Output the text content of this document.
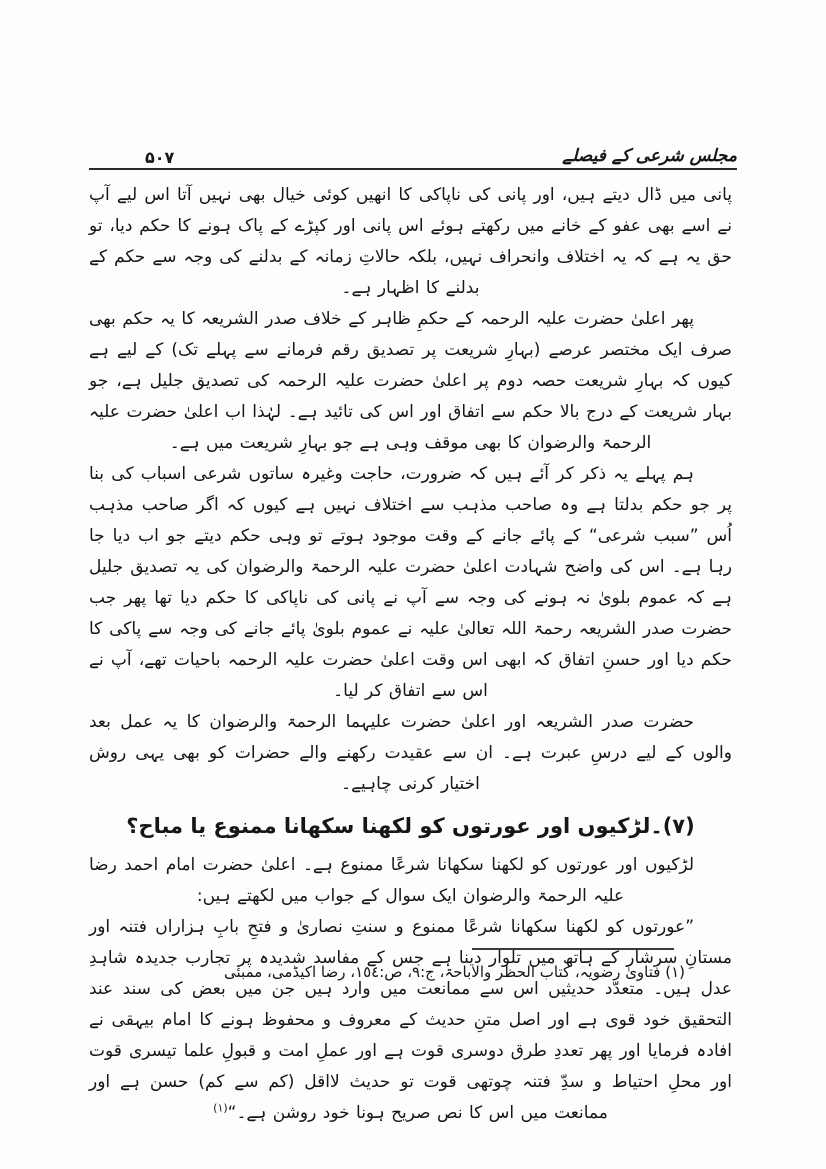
مجلس شرعی کے فیصلے
۵۰۷

پانی میں ڈال دیتے ہیں، اور پانی کی ناپاکی کا انھیں کوئی خیال بھی نہیں آتا اس لیے آپ نے اسے بھی عفو کے خانے میں رکھتے ہوئے اس پانی اور کپڑے کے پاک ہونے کا حکم دیا، تو حق یہ ہے کہ یہ اختلاف وانحراف نہیں، بلکہ حالاتِ زمانہ کے بدلنے کی وجہ سے حکم کے بدلنے کا اظہار ہے۔

پھر اعلیٰ حضرت علیہ الرحمہ کے حکمِ ظاہر کے خلاف صدر الشریعہ کا یہ حکم بھی صرف ایک مختصر عرصے (بہارِ شریعت پر تصدیق رقم فرمانے سے پہلے تک) کے لیے ہے کیوں کہ بہارِ شریعت حصہ دوم پر اعلیٰ حضرت علیہ الرحمہ کی تصدیق جلیل ہے، جو بہار شریعت کے درج بالا حکم سے اتفاق اور اس کی تائید ہے۔ لہٰذا اب اعلیٰ حضرت علیہ الرحمۃ والرضوان کا بھی موقف وہی ہے جو بہارِ شریعت میں ہے۔

ہم پہلے یہ ذکر کر آئے ہیں کہ ضرورت، حاجت وغیرہ ساتوں شرعی اسباب کی بنا پر جو حکم بدلتا ہے وہ صاحب مذہب سے اختلاف نہیں ہے کیوں کہ اگر صاحب مذہب اُس ”سبب شرعی“ کے پائے جانے کے وقت موجود ہوتے تو وہی حکم دیتے جو اب دیا جا رہا ہے۔ اس کی واضح شہادت اعلیٰ حضرت علیہ الرحمۃ والرضوان کی یہ تصدیق جلیل ہے کہ عموم بلویٰ نہ ہونے کی وجہ سے آپ نے پانی کی ناپاکی کا حکم دیا تھا پھر جب حضرت صدر الشریعہ رحمۃ اللہ تعالیٰ علیہ نے عموم بلویٰ پائے جانے کی وجہ سے پاکی کا حکم دیا اور حسنِ اتفاق کہ ابھی اس وقت اعلیٰ حضرت علیہ الرحمہ باحیات تھے، آپ نے اس سے اتفاق کر لیا۔

حضرت صدر الشریعہ اور اعلیٰ حضرت علیہما الرحمۃ والرضوان کا یہ عمل بعد والوں کے لیے درسِ عبرت ہے۔ ان سے عقیدت رکھنے والے حضرات کو بھی یہی روش اختیار کرنی چاہیے۔

(۷)۔لڑکیوں اور عورتوں کو لکھنا سکھانا ممنوع یا مباح؟

لڑکیوں اور عورتوں کو لکھنا سکھانا شرعًا ممنوع ہے۔ اعلیٰ حضرت امام احمد رضا علیہ الرحمۃ والرضوان ایک سوال کے جواب میں لکھتے ہیں:

”عورتوں کو لکھنا سکھانا شرعًا ممنوع و سنتِ نصاریٰ و فتحِ بابِ ہزاراں فتنہ اور مستانِ سرشار کے ہاتھ میں تلوار دینا ہے جس کے مفاسد شدیدہ پر تجارب جدیدہ شاہدِ عدل ہیں۔ متعدّد حدیثیں اس سے ممانعت میں وارد ہیں جن میں بعض کی سند عند التحقیق خود قوی ہے اور اصل متنِ حدیث کے معروف و محفوظ ہونے کا امام بیہقی نے افادہ فرمایا اور پھر تعددِ طرق دوسری قوت ہے اور عملِ امت و قبولِ علما تیسری قوت اور محلِ احتیاط و سدِّ فتنہ چوتھی قوت تو حدیث لااقل (کم سے کم) حسن ہے اور ممانعت میں اس کا نص صریح ہونا خود روشن ہے۔“$^{(۱)}$

(۱) فتاویٰ رضویہ، کتاب الحظر والاباحۃ، ج:٩، ص:١٥٤، رضا اکیڈمی، ممبئی
